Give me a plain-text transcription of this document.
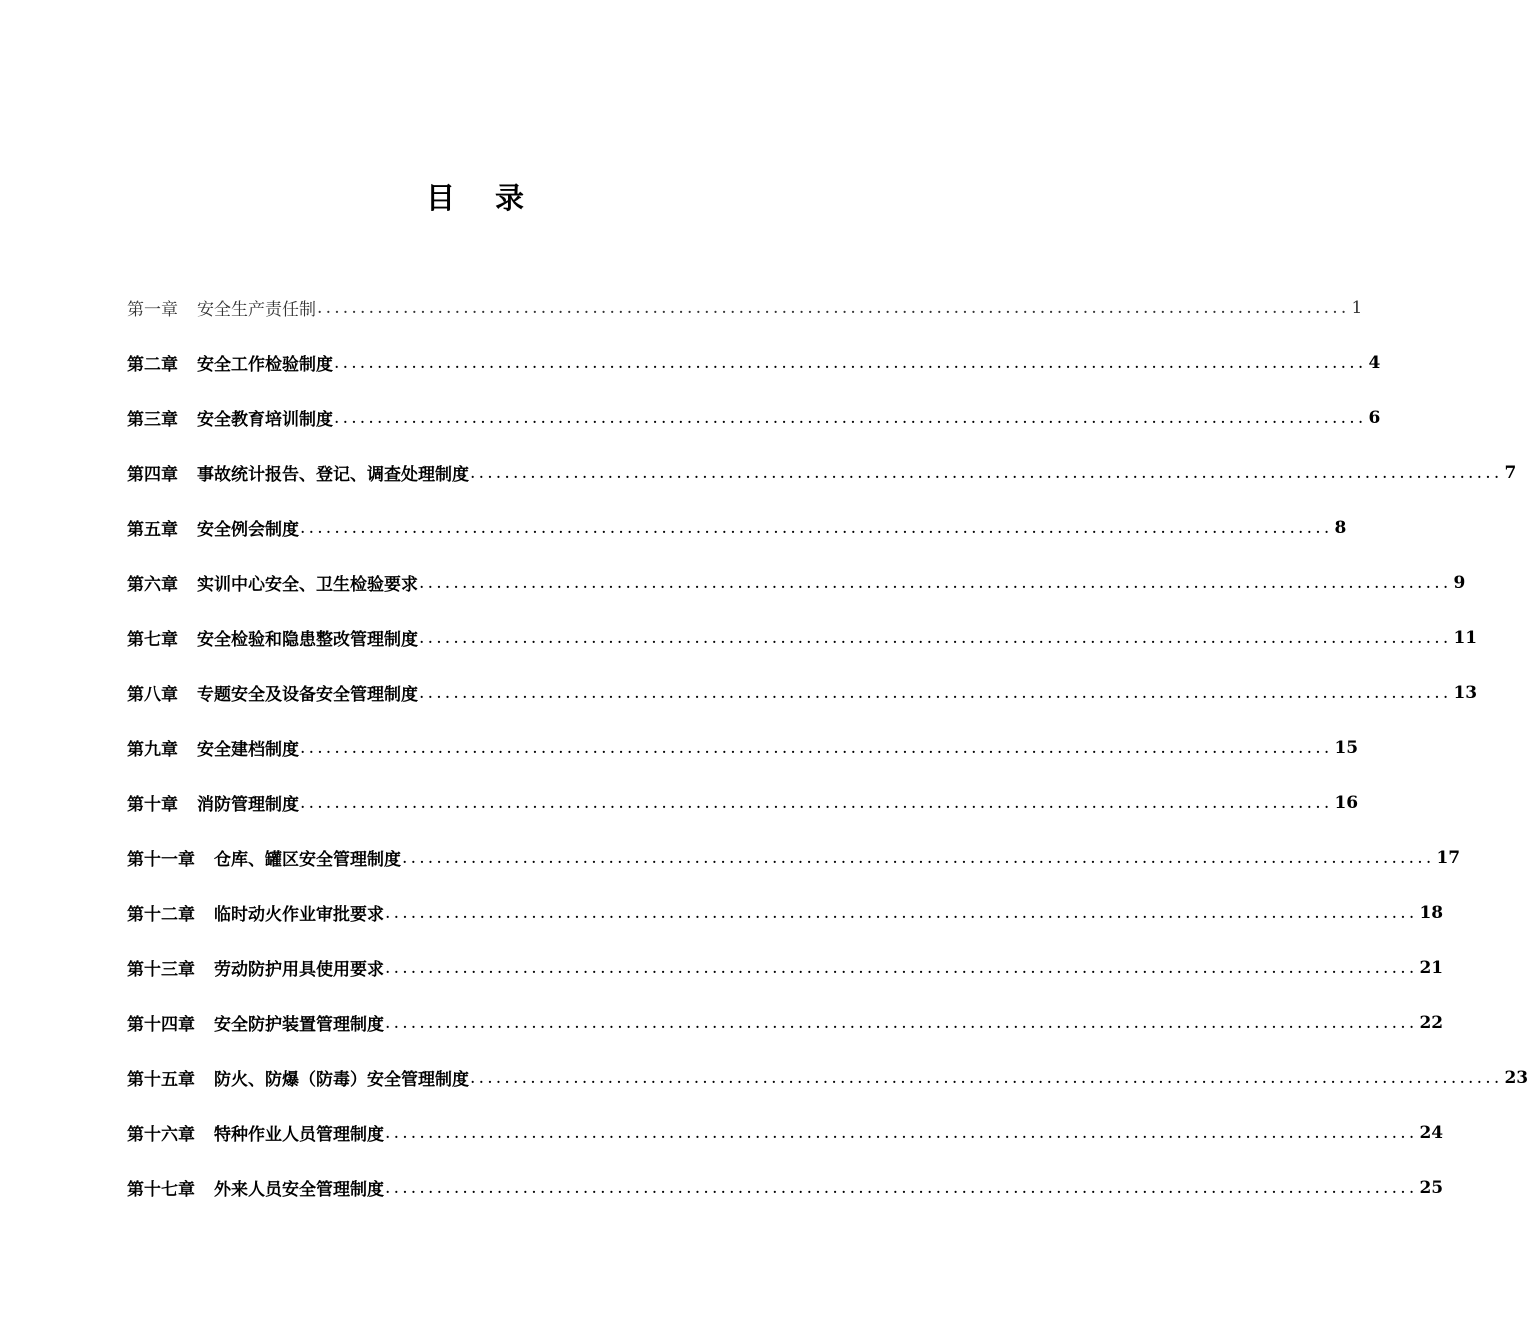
目录
第一章 安全生产责任制 ........................................................................................................................ 1
第二章 安全工作检验制度 ........................................................................................................................ 4
第三章 安全教育培训制度 ........................................................................................................................ 6
第四章 事故统计报告、登记、调查处理制度 ........................................................................................................................ 7
第五章 安全例会制度 ........................................................................................................................ 8
第六章 实训中心安全、卫生检验要求 ........................................................................................................................ 9
第七章 安全检验和隐患整改管理制度 ........................................................................................................................ 11
第八章 专题安全及设备安全管理制度 ........................................................................................................................ 13
第九章 安全建档制度 ........................................................................................................................ 15
第十章 消防管理制度 ........................................................................................................................ 16
第十一章 仓库、罐区安全管理制度 ........................................................................................................................ 17
第十二章 临时动火作业审批要求 ........................................................................................................................ 18
第十三章 劳动防护用具使用要求 ........................................................................................................................ 21
第十四章 安全防护装置管理制度 ........................................................................................................................ 22
第十五章 防火、防爆（防毒）安全管理制度 ........................................................................................................................ 23
第十六章 特种作业人员管理制度 ........................................................................................................................ 24
第十七章 外来人员安全管理制度 ........................................................................................................................ 25
